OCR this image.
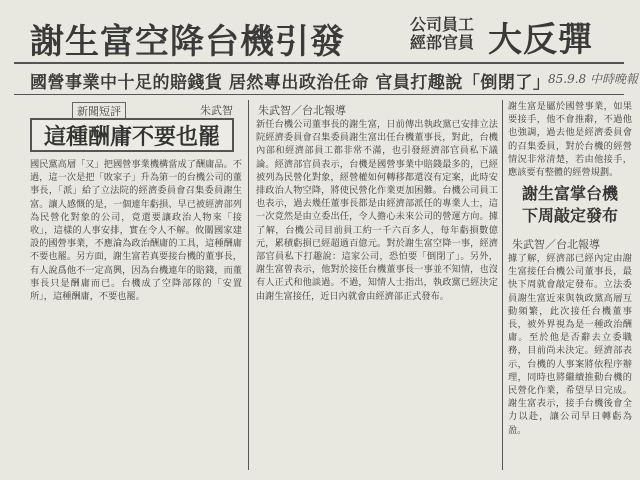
謝生富空降台機引發	公司員工
經部官員 大反彈
國營事業中十足的賠錢貨 居然專出政治任命 官員打趣說「倒閉了」
85.9.8 中時晚報
新聞短評	朱武智
這種酬庸不要也罷
國民黨高層「又」把國營事業機構當成了酬庸品。不過，這一次是把「敗家子」升為第一的台機公司的董事長，「派」給了立法院的經濟委員會召集委員謝生富。讓人感慨的是，一個連年虧損、早已被經濟部列為民營化對象的公司，竟還要讓政治人物來「接收」，這樣的人事安排，實在令人不解。攸關國家建設的國營事業，不應淪為政治酬庸的工具，這種酬庸不要也罷。另方面，謝生富若真要接台機的董事長，有人說爲他不一定高興，因為台機連年的賠錢，而董事長只是酬庸而已。台機成了空降部隊的「安置所」，這種酬庸，不要也罷。
朱武智／台北報導
新任台機公司董事長的謝生富，日前傳出執政黨已安排立法院經濟委員會召集委員謝生富出任台機董事長，對此，台機內部和經濟部員工都非常不滿，也引發經濟部官員私下議論。經濟部官員表示，台機是國營事業中賠錢最多的，已經被列為民營化對象，經營權如何轉移都還沒有定案，此時安排政治人物空降，將使民營化作業更加困難。台機公司員工也表示，過去幾任董事長都是由經濟部派任的專業人士，這一次竟然是由立委出任，令人擔心未來公司的營運方向。據了解，台機公司目前員工約一千六百多人，每年虧損數億元，累積虧損已經超過百億元。對於謝生富空降一事，經濟部官員私下打趣說：這家公司，恐怕要「倒閉了」。另外，謝生富曾表示，他對於接任台機董事長一事並不知情，也沒有人正式和他談過。不過，知情人士指出，執政黨已經決定由謝生富接任，近日內就會由經濟部正式發布。
謝生富是屬於國營事業，如果要接手，他不會推辭，不過他也強調，過去他是經濟委員會的召集委員，對於台機的經營情況非常清楚，若由他接手，應該要有整體的經營規劃。
謝生富掌台機
下周敲定發布
朱武智／台北報導
據了解，經濟部已經內定由謝生富接任台機公司董事長，最快下周就會敲定發布。立法委員謝生富近來與執政黨高層互動頻繁，此次接任台機董事長，被外界視為是一種政治酬庸。至於他是否辭去立委職務，目前尚未決定。經濟部表示，台機的人事案將依程序辦理，同時也將繼續推動台機的民營化作業，希望早日完成。謝生富表示，接手台機後會全力以赴，讓公司早日轉虧為盈。
